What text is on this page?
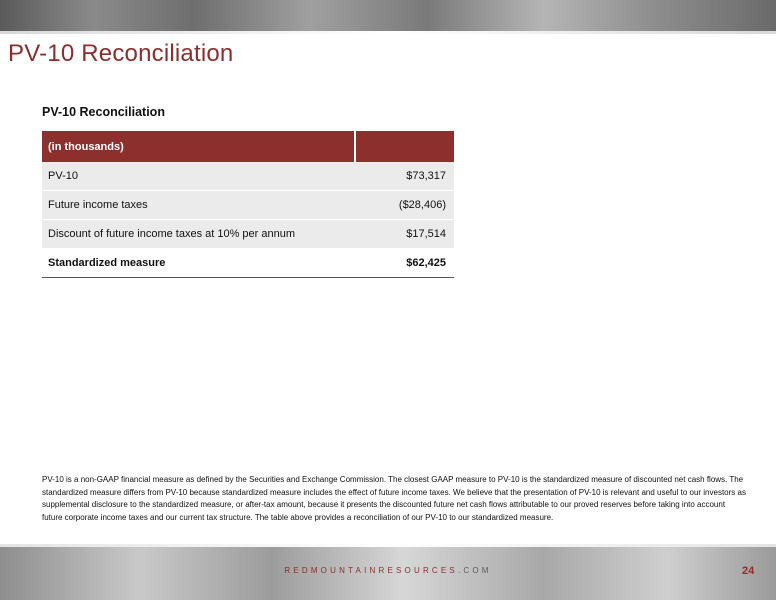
PV-10 Reconciliation
PV-10 Reconciliation
(in thousands)	
PV-10	$73,317
Future income taxes	($28,406)
Discount of future income taxes at 10% per annum	$17,514
Standardized measure	$62,425
PV-10 is a non-GAAP financial measure as defined by the Securities and Exchange Commission. The closest GAAP measure to PV-10 is the standardized measure of discounted net cash flows. The standardized measure differs from PV-10 because standardized measure includes the effect of future income taxes. We believe that the presentation of PV-10 is relevant and useful to our investors as supplemental disclosure to the standardized measure, or after-tax amount, because it presents the discounted future net cash flows attributable to our proved reserves before taking into account future corporate income taxes and our current tax structure. The table above provides a reconciliation of our PV-10 to our standardized measure.
REDMOUNTAINRESOURCES.COM	24
